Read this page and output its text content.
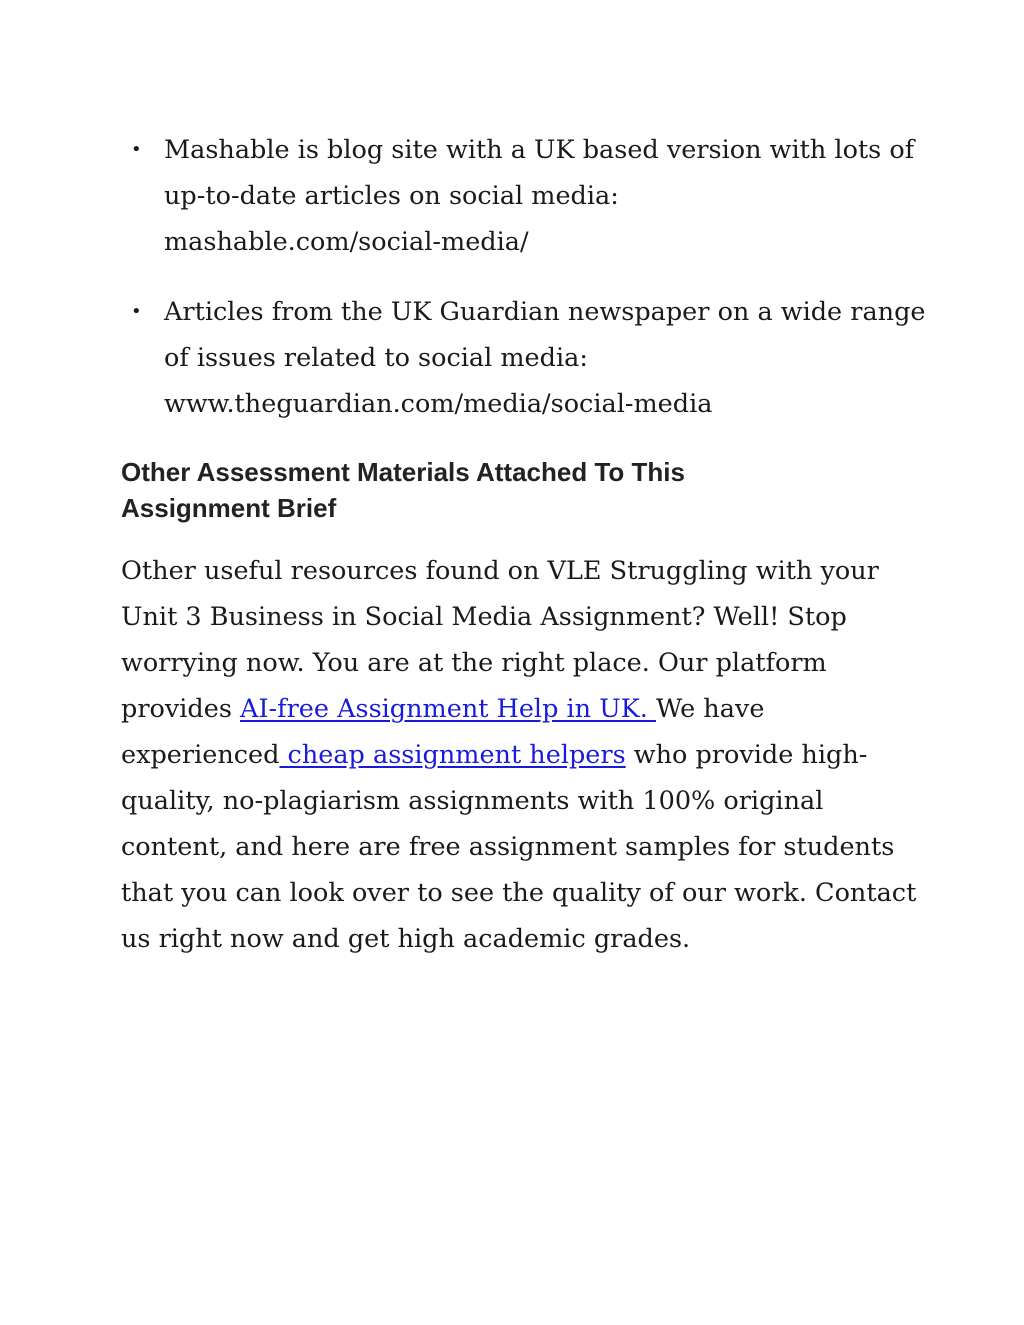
• Mashable is blog site with a UK based version with lots of
up-to-date articles on social media:
mashable.com/social-media/
• Articles from the UK Guardian newspaper on a wide range
of issues related to social media:
www.theguardian.com/media/social-media
Other Assessment Materials Attached To This
Assignment Brief
Other useful resources found on VLE Struggling with your
Unit 3 Business in Social Media Assignment? Well! Stop
worrying now. You are at the right place. Our platform
provides AI-free Assignment Help in UK. We have
experienced cheap assignment helpers who provide high-
quality, no-plagiarism assignments with 100% original
content, and here are free assignment samples for students
that you can look over to see the quality of our work. Contact
us right now and get high academic grades.
